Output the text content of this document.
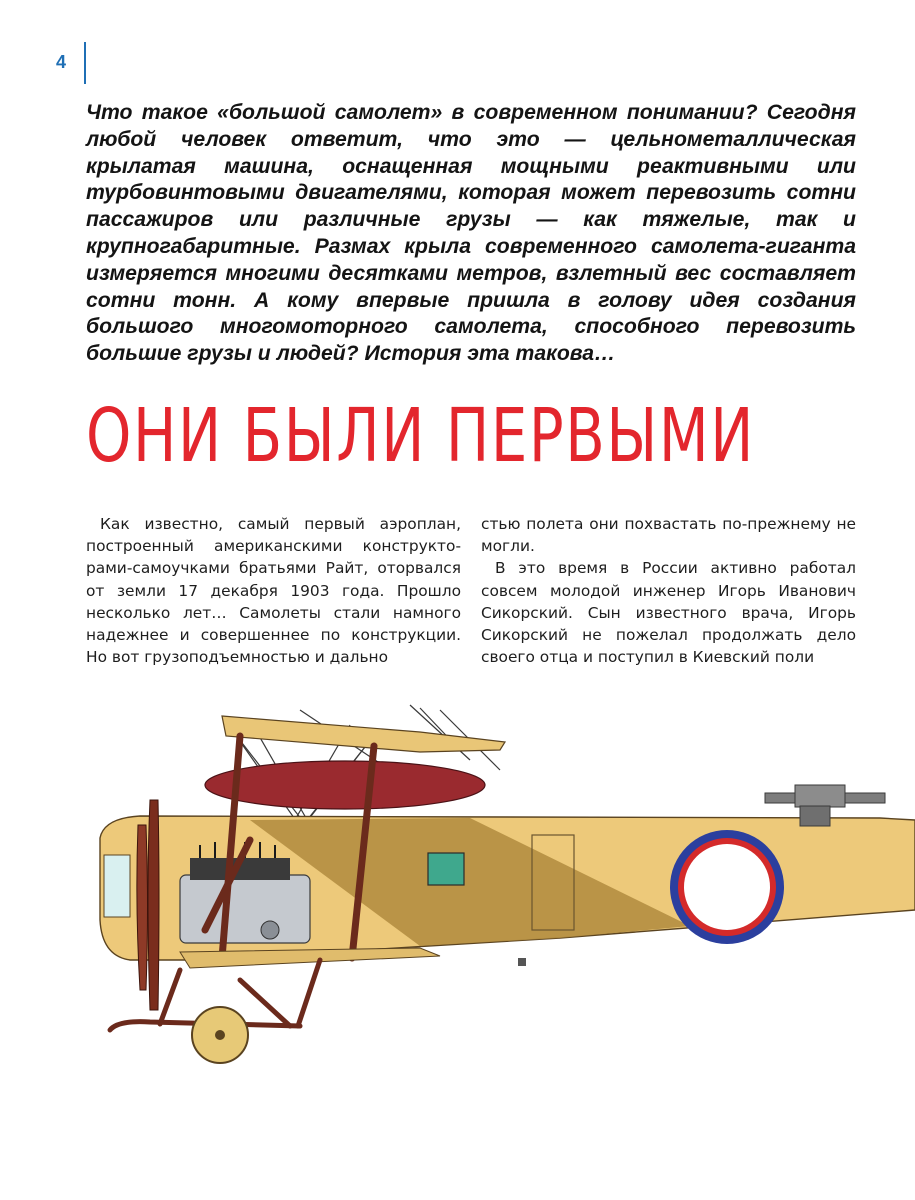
4

Что такое «большой самолет» в современном понимании? Сегодня любой человек ответит, что это — цельнометаллическая крылатая машина, оснащенная мощными реактивными или турбовинтовыми двигателями, которая может перевозить сотни пассажиров или различные грузы — как тяжелые, так и крупногабаритные. Размах крыла современного самолета-гиганта измеряется многими десятками метров, взлетный вес составляет сотни тонн. А кому впервые пришла в голову идея создания большого многомоторного самолета, способного перевозить большие грузы и людей? История эта такова…

ОНИ БЫЛИ ПЕРВЫМИ

Как известно, самый первый аэроплан, построенный американскими конструкторами-самоучками братьями Райт, оторвался от земли 17 декабря 1903 года. Прошло несколько лет… Самолеты стали намного надежнее и совершеннее по конструкции. Но вот грузоподъемностью и дально

стью полета они похвастать по-прежнему не могли.

В это время в России активно работал совсем молодой инженер Игорь Иванович Сикорский. Сын известного врача, Игорь Сикорский не пожелал продолжать дело своего отца и поступил в Киевский поли
